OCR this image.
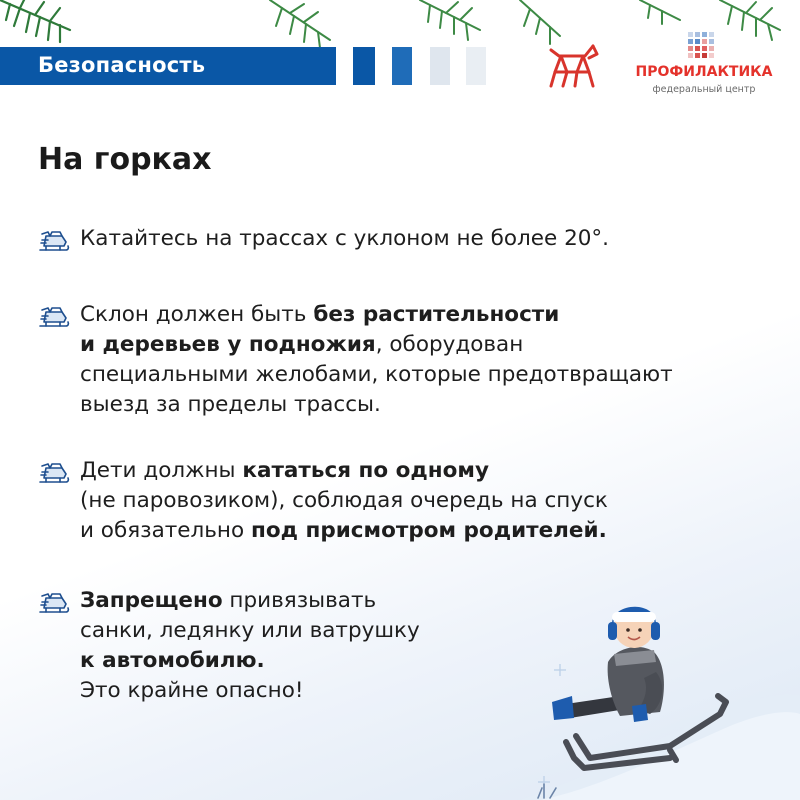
Безопасность	ПРОФИЛАКТИКА
федеральный центр
На горках
Катайтесь на трассах с уклоном не более 20°.
Склон должен быть без растительности
и деревьев у подножия, оборудован
специальными желобами, которые предотвращают
выезд за пределы трассы.
Дети должны кататься по одному
(не паровозиком), соблюдая очередь на спуск
и обязательно под присмотром родителей.
Запрещено привязывать
санки, ледянку или ватрушку
к автомобилю.
Это крайне опасно!
